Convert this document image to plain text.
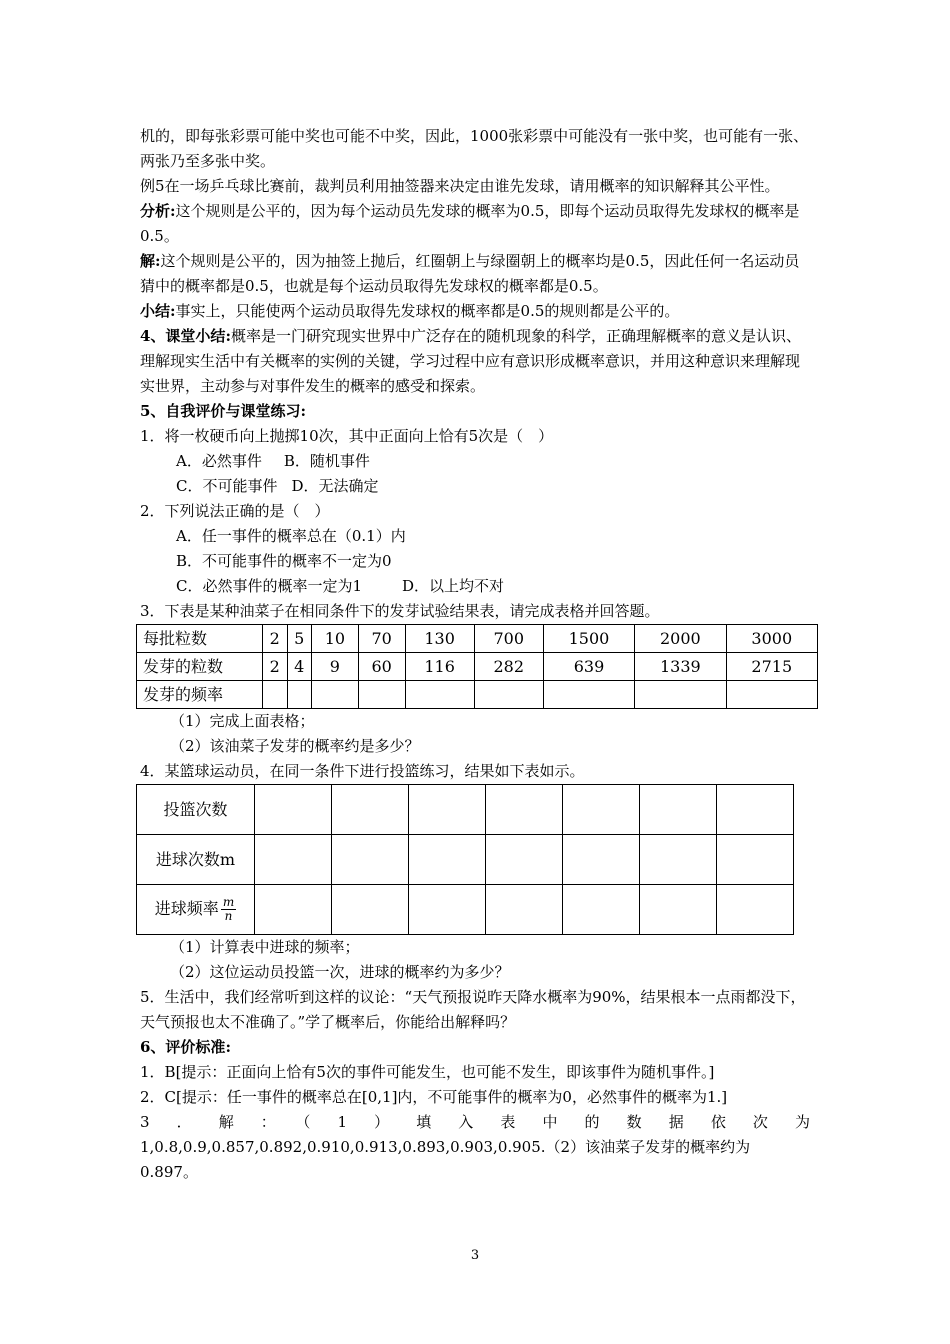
机的，即每张彩票可能中奖也可能不中奖，因此，1000张彩票中可能没有一张中奖，也可能有一张、两张乃至多张中奖。

例5在一场乒乓球比赛前，裁判员利用抽签器来决定由谁先发球，请用概率的知识解释其公平性。

分析:这个规则是公平的，因为每个运动员先发球的概率为0.5，即每个运动员取得先发球权的概率是0.5。

解:这个规则是公平的，因为抽签上抛后，红圈朝上与绿圈朝上的概率均是0.5，因此任何一名运动员猜中的概率都是0.5，也就是每个运动员取得先发球权的概率都是0.5。

小结:事实上，只能使两个运动员取得先发球权的概率都是0.5的规则都是公平的。

4、课堂小结:概率是一门研究现实世界中广泛存在的随机现象的科学，正确理解概率的意义是认识、理解现实生活中有关概率的实例的关键，学习过程中应有意识形成概率意识，并用这种意识来理解现实世界，主动参与对事件发生的概率的感受和探索。

5、自我评价与课堂练习:

1．将一枚硬币向上抛掷10次，其中正面向上恰有5次是（　）

A．必然事件 B．随机事件

C．不可能事件 D．无法确定

2．下列说法正确的是（　）

A．任一事件的概率总在（0.1）内

B．不可能事件的概率不一定为0

C．必然事件的概率一定为1	D．以上均不对

3．下表是某种油菜子在相同条件下的发芽试验结果表，请完成表格并回答题。

每批粒数	2	5	10	70	130	700	1500	2000	3000
发芽的粒数	2	4	9	60	116	282	639	1339	2715
发芽的频率									

（1）完成上面表格；

（2）该油菜子发芽的概率约是多少？

4．某篮球运动员，在同一条件下进行投篮练习，结果如下表如示。

投篮次数							
进球次数m							
进球频率 $\frac{m}{n}$

（1）计算表中进球的频率；

（2）这位运动员投篮一次，进球的概率约为多少？

5．生活中，我们经常听到这样的议论：“天气预报说昨天降水概率为90%，结果根本一点雨都没下，天气预报也太不准确了。”学了概率后，你能给出解释吗？

6、评价标准:

1．B[提示：正面向上恰有5次的事件可能发生，也可能不发生，即该事件为随机事件。]

2．C[提示：任一事件的概率总在[0,1]内，不可能事件的概率为0，必然事件的概率为1.]

3．解：（1）填入表中的数据依次为

1,0.8,0.9,0.857,0.892,0.910,0.913,0.893,0.903,0.905.（2）该油菜子发芽的概率约为

0.897。

3
